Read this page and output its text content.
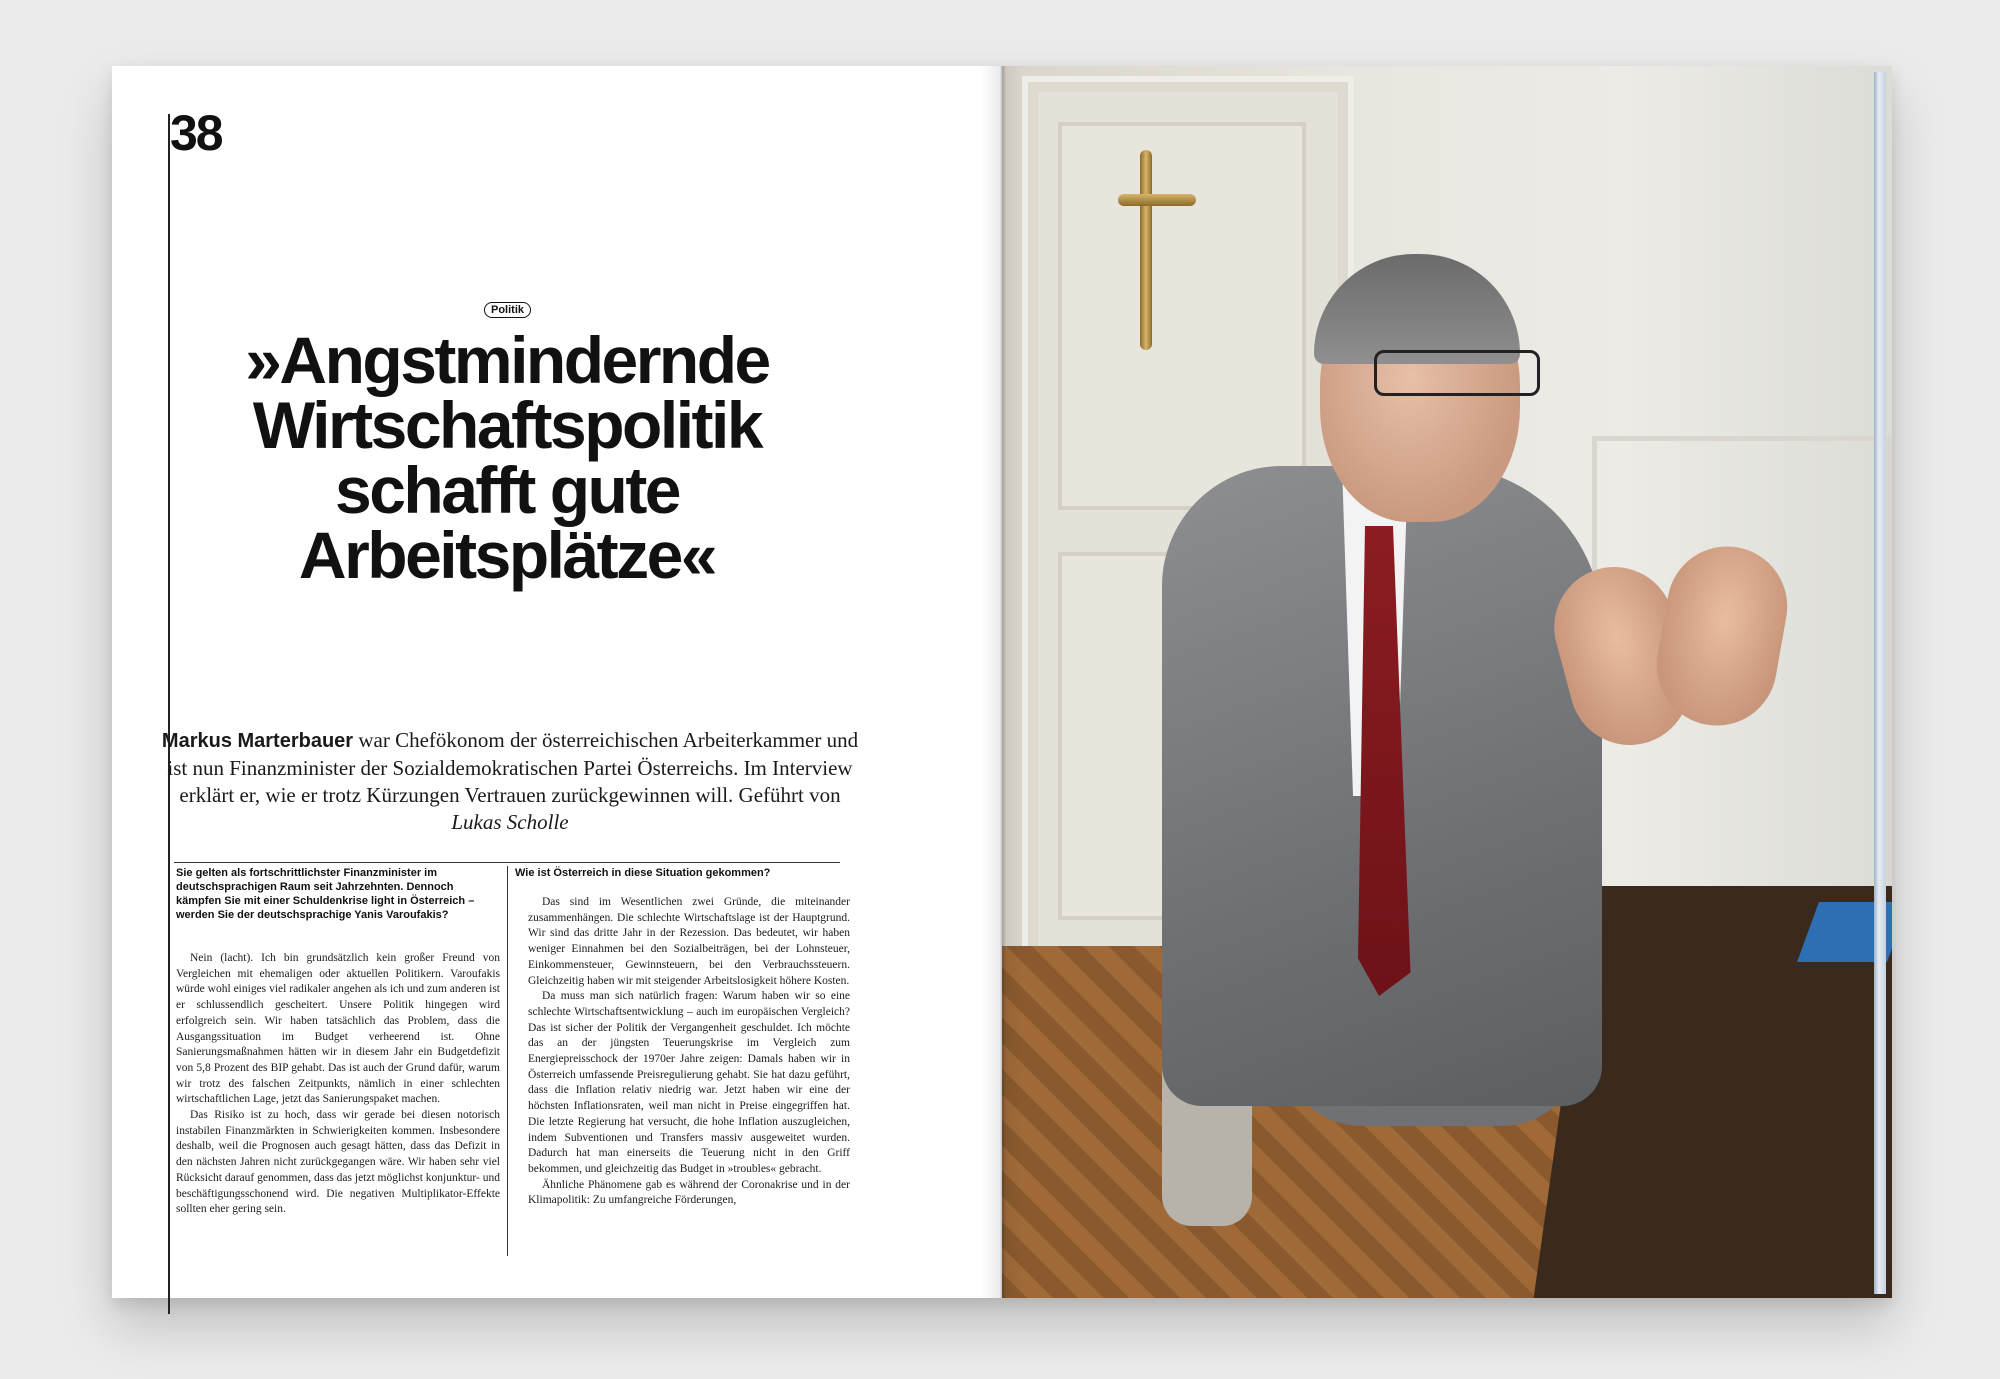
38
Politik
»Angstmindernde
Wirtschaftspolitik
schafft gute
Arbeitsplätze«
Markus Marterbauer war Chefökonom der österreichischen Arbeiterkammer und ist nun Finanzminister der Sozialdemokratischen Partei Österreichs. Im Interview erklärt er, wie er trotz Kürzungen Vertrauen zurückgewinnen will. Geführt von Lukas Scholle
Sie gelten als fortschrittlichster Finanzminister im deutschsprachigen Raum seit Jahrzehnten. Dennoch kämpfen Sie mit einer Schuldenkrise light in Österreich – werden Sie der deutschsprachige Yanis Varoufakis?

Nein (lacht). Ich bin grundsätzlich kein großer Freund von Vergleichen mit ehemaligen oder aktuellen Politikern. Varoufakis würde wohl einiges viel radikaler angehen als ich und zum anderen ist er schlussendlich gescheitert. Unsere Politik hingegen wird erfolgreich sein. Wir haben tatsächlich das Problem, dass die Ausgangssituation im Budget verheerend ist. Ohne Sanierungsmaßnahmen hätten wir in diesem Jahr ein Budgetdefizit von 5,8 Prozent des BIP gehabt. Das ist auch der Grund dafür, warum wir trotz des falschen Zeitpunkts, nämlich in einer schlechten wirtschaftlichen Lage, jetzt das Sanierungspaket machen.

Das Risiko ist zu hoch, dass wir gerade bei diesen notorisch instabilen Finanzmärkten in Schwierigkeiten kommen. Insbesondere deshalb, weil die Prognosen auch gesagt hätten, dass das Defizit in den nächsten Jahren nicht zurückgegangen wäre. Wir haben sehr viel Rücksicht darauf genommen, dass das jetzt möglichst konjunktur- und beschäftigungsschonend wird. Die negativen Multiplikator-Effekte sollten eher gering sein.

Wie ist Österreich in diese Situation gekommen?

Das sind im Wesentlichen zwei Gründe, die miteinander zusammenhängen. Die schlechte Wirtschaftslage ist der Hauptgrund. Wir sind das dritte Jahr in der Rezession. Das bedeutet, wir haben weniger Einnahmen bei den Sozialbeiträgen, bei der Lohnsteuer, Einkommensteuer, Gewinnsteuern, bei den Verbrauchssteuern. Gleichzeitig haben wir mit steigender Arbeitslosigkeit höhere Kosten.

Da muss man sich natürlich fragen: Warum haben wir so eine schlechte Wirtschaftsentwicklung – auch im europäischen Vergleich? Das ist sicher der Politik der Vergangenheit geschuldet. Ich möchte das an der jüngsten Teuerungskrise im Vergleich zum Energiepreisschock der 1970er Jahre zeigen: Damals haben wir in Österreich umfassende Preisregulierung gehabt. Sie hat dazu geführt, dass die Inflation relativ niedrig war. Jetzt haben wir eine der höchsten Inflationsraten, weil man nicht in Preise eingegriffen hat. Die letzte Regierung hat versucht, die hohe Inflation auszugleichen, indem Subventionen und Transfers massiv ausgeweitet wurden. Dadurch hat man einerseits die Teuerung nicht in den Griff bekommen, und gleichzeitig das Budget in »troubles« gebracht.

Ähnliche Phänomene gab es während der Coronakrise und in der Klimapolitik: Zu umfangreiche Förderungen,
